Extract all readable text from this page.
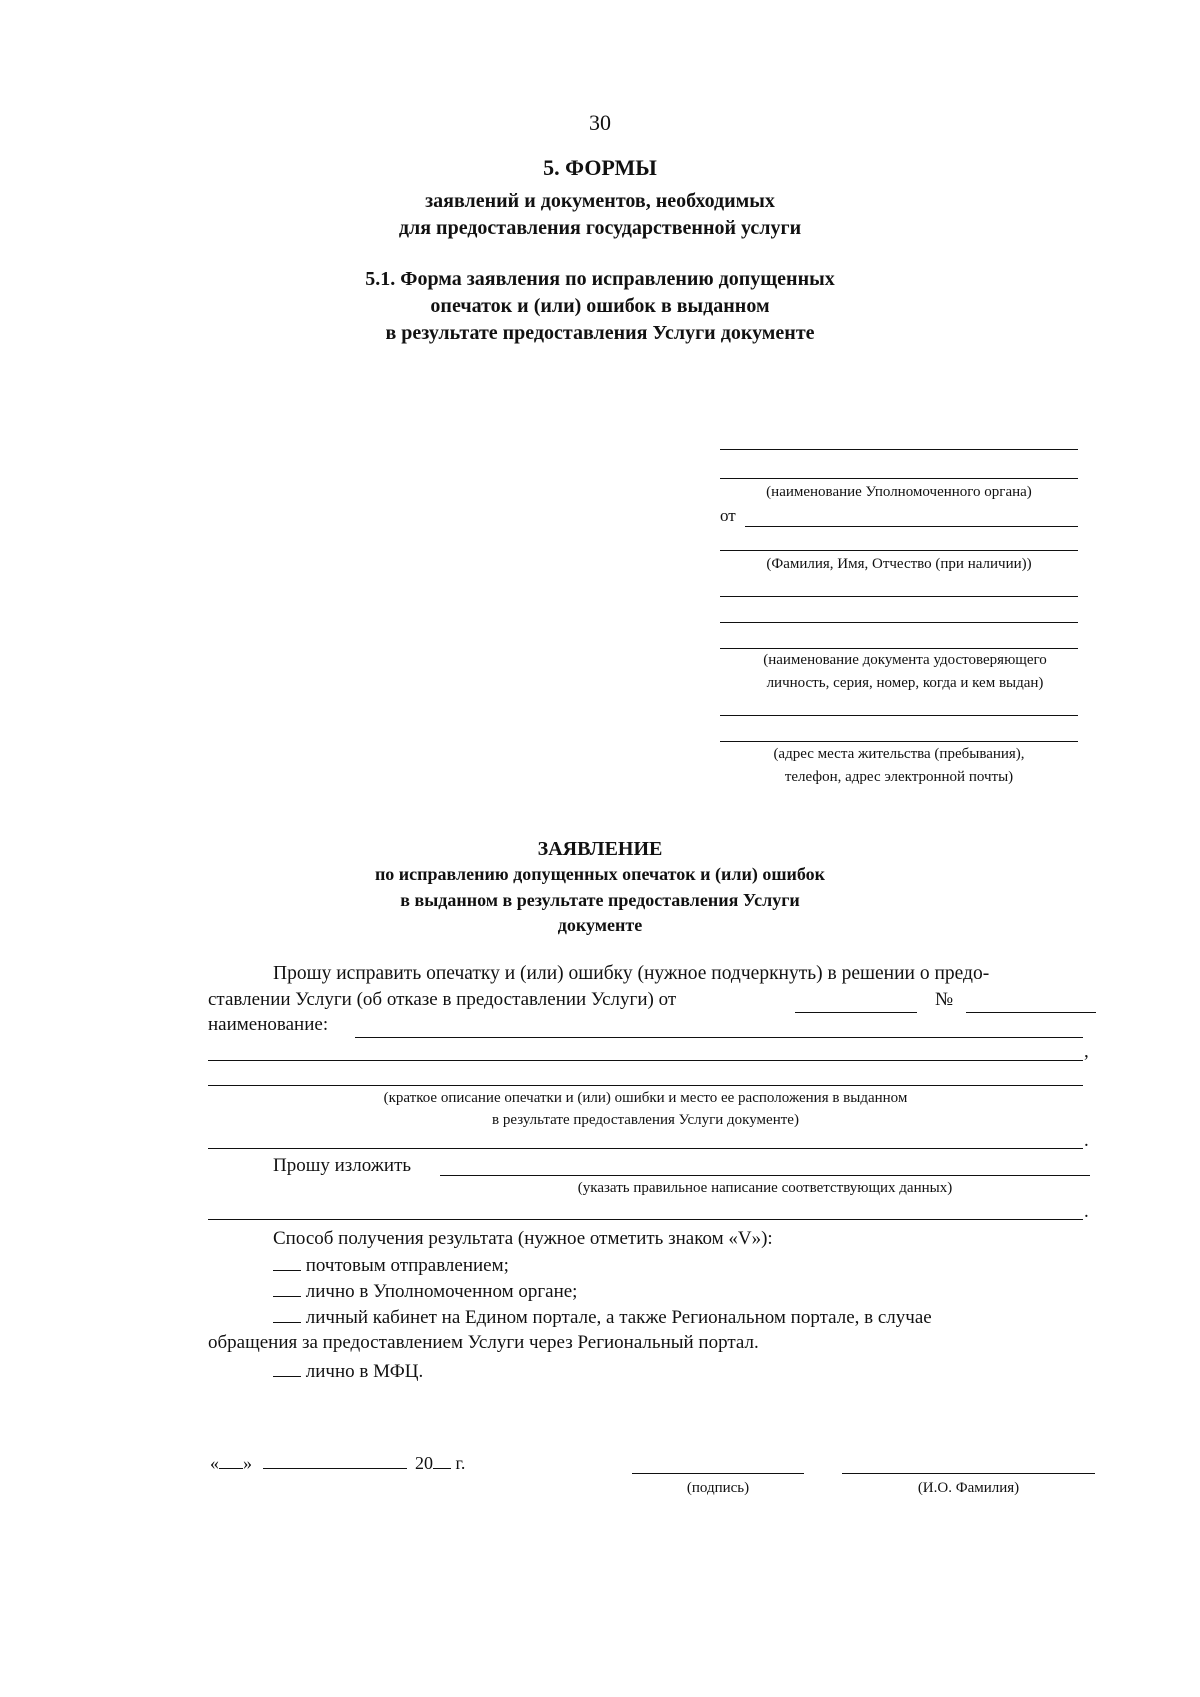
30
5. ФОРМЫ
заявлений и документов, необходимых
для предоставления государственной услуги
5.1. Форма заявления по исправлению допущенных
опечаток и (или) ошибок в выданном
в результате предоставления Услуги документе
(наименование Уполномоченного органа)
от
(Фамилия, Имя, Отчество (при наличии))
(наименование документа удостоверяющего
личность, серия, номер, когда и кем выдан)
(адрес места жительства (пребывания),
телефон, адрес электронной почты)
ЗАЯВЛЕНИЕ
по исправлению допущенных опечаток и (или) ошибок
в выданном в результате предоставления Услуги
документе
Прошу исправить опечатку и (или) ошибку (нужное подчеркнуть) в решении о предо-
ставлении Услуги (об отказе в предоставлении Услуги) от	№
наименование:
,
(краткое описание опечатки и (или) ошибки и место ее расположения в выданном
в результате предоставления Услуги документе)
.
Прошу изложить
(указать правильное написание соответствующих данных)
.
Способ получения результата (нужное отметить знаком «V»):
почтовым отправлением;
лично в Уполномоченном органе;
личный кабинет на Едином портале, а также Региональном портале, в случае
обращения за предоставлением Услуги через Региональный портал.
лично в МФЦ.
« »	20 г.
(подпись)	(И.О. Фамилия)
